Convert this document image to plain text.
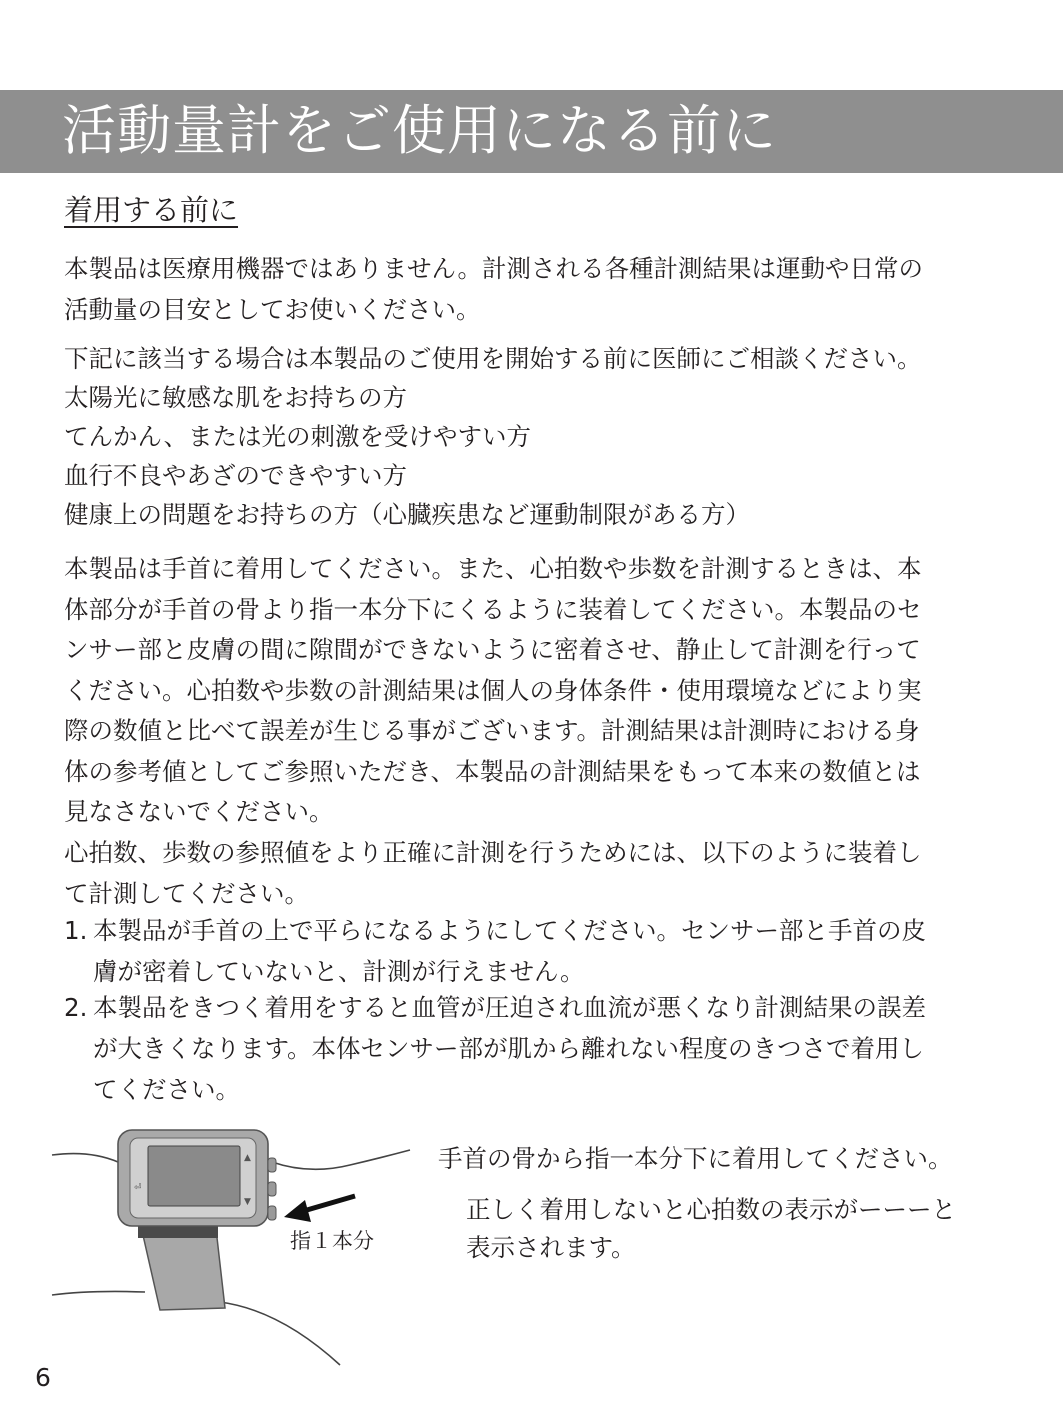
活動量計をご使用になる前に
着用する前に

本製品は医療用機器ではありません。計測される各種計測結果は運動や日常の
活動量の目安としてお使いください。

下記に該当する場合は本製品のご使用を開始する前に医師にご相談ください。
太陽光に敏感な肌をお持ちの方
てんかん、または光の刺激を受けやすい方
血行不良やあざのできやすい方
健康上の問題をお持ちの方（心臓疾患など運動制限がある方）

本製品は手首に着用してください。また、心拍数や歩数を計測するときは、本
体部分が手首の骨より指一本分下にくるように装着してください。本製品のセ
ンサー部と皮膚の間に隙間ができないように密着させ、静止して計測を行って
ください。心拍数や歩数の計測結果は個人の身体条件・使用環境などにより実
際の数値と比べて誤差が生じる事がございます。計測結果は計測時における身
体の参考値としてご参照いただき、本製品の計測結果をもって本来の数値とは
見なさないでください。

心拍数、歩数の参照値をより正確に計測を行うためには、以下のように装着し
て計測してください。

1. 本製品が手首の上で平らになるようにしてください。センサー部と手首の皮
膚が密着していないと、計測が行えません。
2. 本製品をきつく着用をすると血管が圧迫され血流が悪くなり計測結果の誤差
が大きくなります。本体センサー部が肌から離れない程度のきつさで着用し
てください。
⏎
▲
▼
指１本分
手首の骨から指一本分下に着用してください。
正しく着用しないと心拍数の表示がーーーと
表示されます。
6
